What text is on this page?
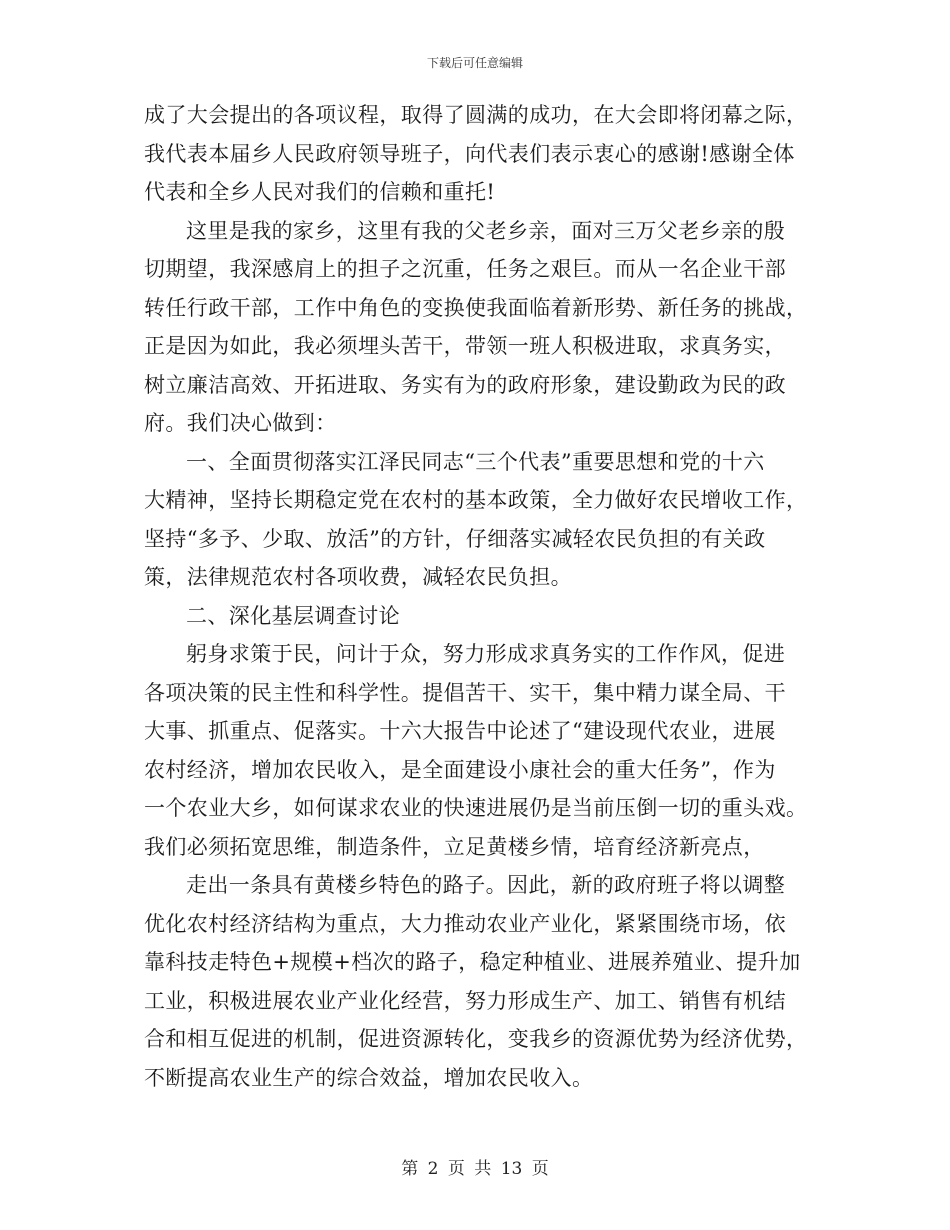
下载后可任意编辑
成了大会提出的各项议程，取得了圆满的成功，在大会即将闭幕之际，
我代表本届乡人民政府领导班子，向代表们表示衷心的感谢!感谢全体
代表和全乡人民对我们的信赖和重托!
这里是我的家乡，这里有我的父老乡亲，面对三万父老乡亲的殷
切期望，我深感肩上的担子之沉重，任务之艰巨。而从一名企业干部
转任行政干部，工作中角色的变换使我面临着新形势、新任务的挑战，
正是因为如此，我必须埋头苦干，带领一班人积极进取，求真务实，
树立廉洁高效、开拓进取、务实有为的政府形象，建设勤政为民的政
府。我们决心做到：
一、全面贯彻落实江泽民同志“三个代表”重要思想和党的十六
大精神，坚持长期稳定党在农村的基本政策，全力做好农民增收工作，
坚持“多予、少取、放活”的方针，仔细落实减轻农民负担的有关政
策，法律规范农村各项收费，减轻农民负担。
二、深化基层调查讨论
躬身求策于民，问计于众，努力形成求真务实的工作作风，促进
各项决策的民主性和科学性。提倡苦干、实干，集中精力谋全局、干
大事、抓重点、促落实。十六大报告中论述了“建设现代农业，进展
农村经济，增加农民收入，是全面建设小康社会的重大任务”，作为
一个农业大乡，如何谋求农业的快速进展仍是当前压倒一切的重头戏。
我们必须拓宽思维，制造条件，立足黄楼乡情，培育经济新亮点，
走出一条具有黄楼乡特色的路子。因此，新的政府班子将以调整
优化农村经济结构为重点，大力推动农业产业化，紧紧围绕市场，依
靠科技走特色+规模+档次的路子，稳定种植业、进展养殖业、提升加
工业，积极进展农业产业化经营，努力形成生产、加工、销售有机结
合和相互促进的机制，促进资源转化，变我乡的资源优势为经济优势，
不断提高农业生产的综合效益，增加农民收入。
第 2 页 共 13 页
